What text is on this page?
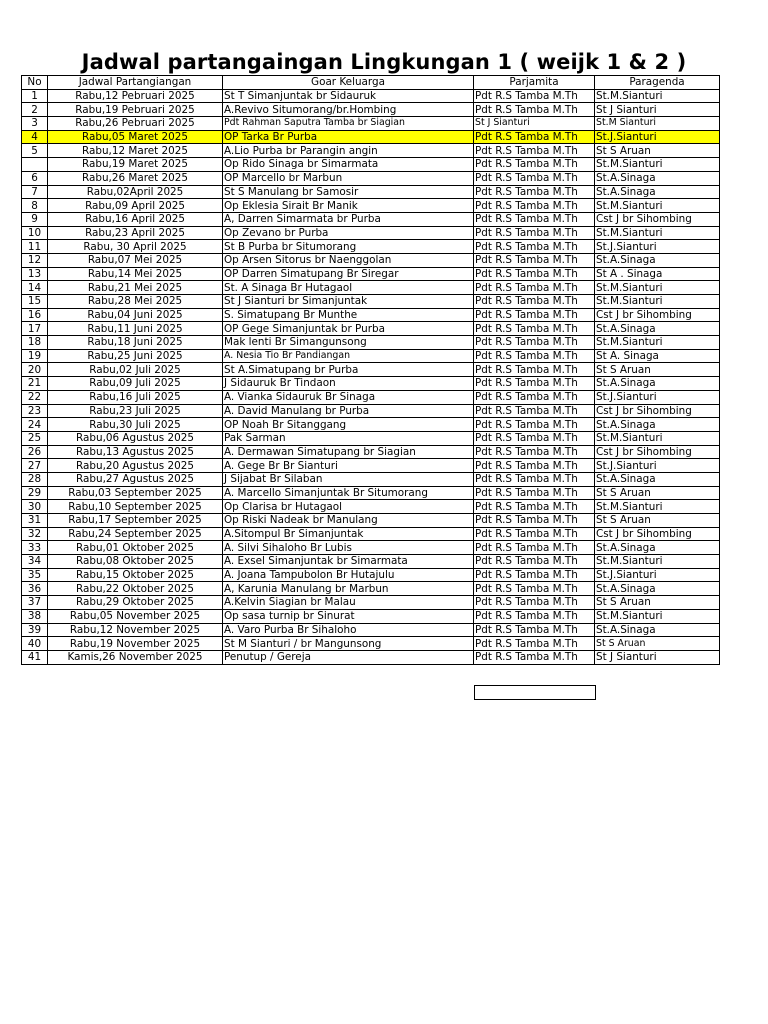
Jadwal partangaingan Lingkungan 1 ( weijk 1 & 2 )
No	Jadwal Partangiangan	Goar Keluarga	Parjamita	Paragenda
1	Rabu,12 Pebruari 2025	St T Simanjuntak br Sidauruk	Pdt R.S Tamba M.Th	St.M.Sianturi
2	Rabu,19 Pebruari 2025	A.Revivo Situmorang/br.Hombing	Pdt R.S Tamba M.Th	St J Sianturi
3	Rabu,26 Pebruari 2025	Pdt Rahman Saputra Tamba br Siagian	St J Sianturi	St.M Sianturi
4	Rabu,05 Maret 2025	OP Tarka Br Purba	Pdt R.S Tamba M.Th	St.J.Sianturi
5	Rabu,12 Maret 2025	A.Lio Purba br Parangin angin	Pdt R.S Tamba M.Th	St S Aruan
	Rabu,19 Maret 2025	Op Rido Sinaga br Simarmata	Pdt R.S Tamba M.Th	St.M.Sianturi
6	Rabu,26 Maret 2025	OP Marcello br Marbun	Pdt R.S Tamba M.Th	St.A.Sinaga
7	Rabu,02April 2025	St S Manulang br Samosir	Pdt R.S Tamba M.Th	St.A.Sinaga
8	Rabu,09 April 2025	Op Eklesia Sirait Br Manik	Pdt R.S Tamba M.Th	St.M.Sianturi
9	Rabu,16 April 2025	A, Darren Simarmata br Purba	Pdt R.S Tamba M.Th	Cst J br Sihombing
10	Rabu,23 April 2025	Op Zevano br Purba	Pdt R.S Tamba M.Th	St.M.Sianturi
11	Rabu, 30 April 2025	St B Purba br Situmorang	Pdt R.S Tamba M.Th	St.J.Sianturi
12	Rabu,07 Mei 2025	Op Arsen Sitorus br Naenggolan	Pdt R.S Tamba M.Th	St.A.Sinaga
13	Rabu,14 Mei 2025	OP Darren Simatupang Br Siregar	Pdt R.S Tamba M.Th	St A . Sinaga
14	Rabu,21 Mei 2025	St. A Sinaga Br Hutagaol	Pdt R.S Tamba M.Th	St.M.Sianturi
15	Rabu,28 Mei 2025	St J Sianturi br Simanjuntak	Pdt R.S Tamba M.Th	St.M.Sianturi
16	Rabu,04 Juni 2025	S. Simatupang Br Munthe	Pdt R.S Tamba M.Th	Cst J br Sihombing
17	Rabu,11 Juni 2025	OP Gege Simanjuntak br Purba	Pdt R.S Tamba M.Th	St.A.Sinaga
18	Rabu,18 Juni 2025	Mak lenti Br Simangunsong	Pdt R.S Tamba M.Th	St.M.Sianturi
19	Rabu,25 Juni 2025	A. Nesia Tio Br Pandiangan	Pdt R.S Tamba M.Th	St A. Sinaga
20	Rabu,02 Juli 2025	St A.Simatupang br Purba	Pdt R.S Tamba M.Th	St S Aruan
21	Rabu,09 Juli 2025	J Sidauruk Br Tindaon	Pdt R.S Tamba M.Th	St.A.Sinaga
22	Rabu,16 Juli 2025	A. Vianka Sidauruk Br Sinaga	Pdt R.S Tamba M.Th	St.J.Sianturi
23	Rabu,23 Juli 2025	A. David Manulang br Purba	Pdt R.S Tamba M.Th	Cst J br Sihombing
24	Rabu,30 Juli 2025	OP Noah Br Sitanggang	Pdt R.S Tamba M.Th	St.A.Sinaga
25	Rabu,06 Agustus 2025	Pak Sarman	Pdt R.S Tamba M.Th	St.M.Sianturi
26	Rabu,13 Agustus 2025	A. Dermawan Simatupang br Siagian	Pdt R.S Tamba M.Th	Cst J br Sihombing
27	Rabu,20 Agustus 2025	A. Gege Br Br Sianturi	Pdt R.S Tamba M.Th	St.J.Sianturi
28	Rabu,27 Agustus 2025	J Sijabat Br Silaban	Pdt R.S Tamba M.Th	St.A.Sinaga
29	Rabu,03 September 2025	A. Marcello Simanjuntak Br Situmorang	Pdt R.S Tamba M.Th	St S Aruan
30	Rabu,10 September 2025	Op Clarisa br Hutagaol	Pdt R.S Tamba M.Th	St.M.Sianturi
31	Rabu,17 September 2025	Op Riski Nadeak br Manulang	Pdt R.S Tamba M.Th	St S Aruan
32	Rabu,24 September 2025	A.Sitompul Br Simanjuntak	Pdt R.S Tamba M.Th	Cst J br Sihombing
33	Rabu,01 Oktober 2025	A. Silvi Sihaloho Br Lubis	Pdt R.S Tamba M.Th	St.A.Sinaga
34	Rabu,08 Oktober 2025	A. Exsel Simanjuntak br Simarmata	Pdt R.S Tamba M.Th	St.M.Sianturi
35	Rabu,15 Oktober 2025	A. Joana Tampubolon Br Hutajulu	Pdt R.S Tamba M.Th	St.J.Sianturi
36	Rabu,22 Oktober 2025	A, Karunia Manulang br Marbun	Pdt R.S Tamba M.Th	St.A.Sinaga
37	Rabu,29 Oktober 2025	A.Kelvin Siagian br Malau	Pdt R.S Tamba M.Th	St S Aruan
38	Rabu,05 November 2025	Op sasa turnip br Sinurat	Pdt R.S Tamba M.Th	St.M.Sianturi
39	Rabu,12 November 2025	A. Varo Purba Br Sihaloho	Pdt R.S Tamba M.Th	St.A.Sinaga
40	Rabu,19 November 2025	St M Sianturi / br Mangunsong	Pdt R.S Tamba M.Th	St S Aruan
41	Kamis,26 November 2025	Penutup / Gereja	Pdt R.S Tamba M.Th	St J Sianturi
